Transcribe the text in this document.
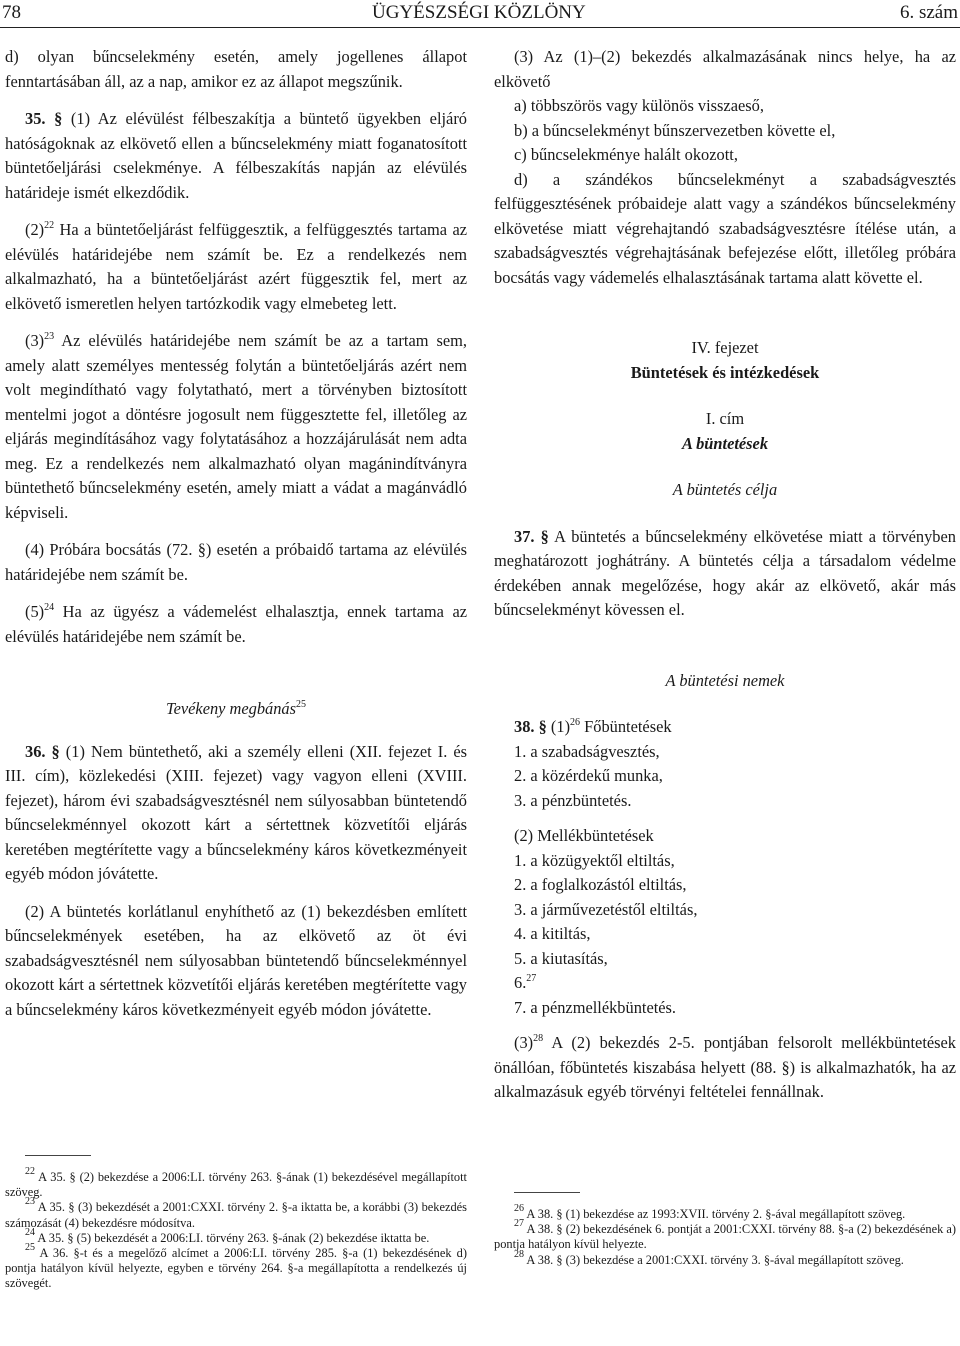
78	ÜGYÉSZSÉGI KÖZLÖNY	6. szám

d) olyan bűncselekmény esetén, amely jogellenes állapot fenntartásában áll, az a nap, amikor ez az állapot megszűnik.

35. § (1) Az elévülést félbeszakítja a büntető ügyekben eljáró hatóságoknak az elkövető ellen a bűncselekmény miatt foganatosított büntetőeljárási cselekménye. A félbeszakítás napján az elévülés határideje ismét elkezdődik.

$(2)^{22}$ Ha a büntetőeljárást felfüggesztik, a felfüggesztés tartama az elévülés határidejébe nem számít be. Ez a rendelkezés nem alkalmazható, ha a büntetőeljárást azért függesztik fel, mert az elkövető ismeretlen helyen tartózkodik vagy elmebeteg lett.

$(3)^{23}$ Az elévülés határidejébe nem számít be az a tartam sem, amely alatt személyes mentesség folytán a büntetőeljárás azért nem volt megindítható vagy folytatható, mert a törvényben biztosított mentelmi jogot a döntésre jogosult nem függesztette fel, illetőleg az eljárás megindításához vagy folytatásához a hozzájárulását nem adta meg. Ez a rendelkezés nem alkalmazható olyan magánindítványra büntethető bűncselekmény esetén, amely miatt a vádat a magánvádló képviseli.

(4) Próbára bocsátás (72. §) esetén a próbaidő tartama az elévülés határidejébe nem számít be.

$(5)^{24}$ Ha az ügyész a vádemelést elhalasztja, ennek tartama az elévülés határidejébe nem számít be.

Tevékeny megbánás$^{25}$

36. § (1) Nem büntethető, aki a személy elleni (XII. fejezet I. és III. cím), közlekedési (XIII. fejezet) vagy vagyon elleni (XVIII. fejezet), három évi szabadságvesztésnél nem súlyosabban büntetendő bűncselekménnyel okozott kárt a sértettnek közvetítői eljárás keretében megtérítette vagy a bűncselekmény káros következményeit egyéb módon jóvátette.

(2) A büntetés korlátlanul enyhíthető az (1) bekezdésben említett bűncselekmények esetében, ha az elkövető az öt évi szabadságvesztésnél nem súlyosabban büntetendő bűncselekménnyel okozott kárt a sértettnek közvetítői eljárás keretében megtérítette vagy a bűncselekmény káros következményeit egyéb módon jóvátette.

(3) Az (1)–(2) bekezdés alkalmazásának nincs helye, ha az elkövető

a) többszörös vagy különös visszaeső,
b) a bűncselekményt bűnszervezetben követte el,
c) bűncselekménye halált okozott,
d) a szándékos bűncselekményt a szabadságvesztés felfüggesztésének próbaideje alatt vagy a szándékos bűncselekmény elkövetése miatt végrehajtandó szabadságvesztésre ítélése után, a szabadságvesztés végrehajtásának befejezése előtt, illetőleg próbára bocsátás vagy vádemelés elhalasztásának tartama alatt követte el.

IV. fejezet

Büntetések és intézkedések

I. cím

A büntetések

A büntetés célja

37. § A büntetés a bűncselekmény elkövetése miatt a törvényben meghatározott joghátrány. A büntetés célja a társadalom védelme érdekében annak megelőzése, hogy akár az elkövető, akár más bűncselekményt kövessen el.

A büntetési nemek

38. § $(1)^{26}$ Főbüntetések
1. a szabadságvesztés,
2. a közérdekű munka,
3. a pénzbüntetés.
(2) Mellékbüntetések
1. a közügyektől eltiltás,
2. a foglalkozástól eltiltás,
3. a járművezetéstől eltiltás,
4. a kitiltás,
5. a kiutasítás,
6.27
7. a pénzmellékbüntetés.

$(3)^{28}$ A (2) bekezdés 2-5. pontjában felsorolt mellékbüntetések önállóan, főbüntetés kiszabása helyett (88. §) is alkalmazhatók, ha az alkalmazásuk egyéb törvényi feltételei fennállnak.

$^{22}$ A 35. § (2) bekezdése a 2006:LI. törvény 263. §-ának (1) bekezdésével megállapított szöveg.

$^{23}$ A 35. § (3) bekezdését a 2001:CXXI. törvény 2. §-a iktatta be, a korábbi (3) bekezdés számozását (4) bekezdésre módosítva.

$^{24}$ A 35. § (5) bekezdését a 2006:LI. törvény 263. §-ának (2) bekezdése iktatta be.

$^{25}$ A 36. §-t és a megelőző alcímet a 2006:LI. törvény 285. §-a (1) bekezdésének d) pontja hatályon kívül helyezte, egyben e törvény 264. §-a megállapította a rendelkezés új szövegét.

$^{26}$ A 38. § (1) bekezdése az 1993:XVII. törvény 2. §-ával megállapított szöveg.

$^{27}$ A 38. § (2) bekezdésének 6. pontját a 2001:CXXI. törvény 88. §-a (2) bekezdésének a) pontja hatályon kívül helyezte.

$^{28}$ A 38. § (3) bekezdése a 2001:CXXI. törvény 3. §-ával megállapított szöveg.
